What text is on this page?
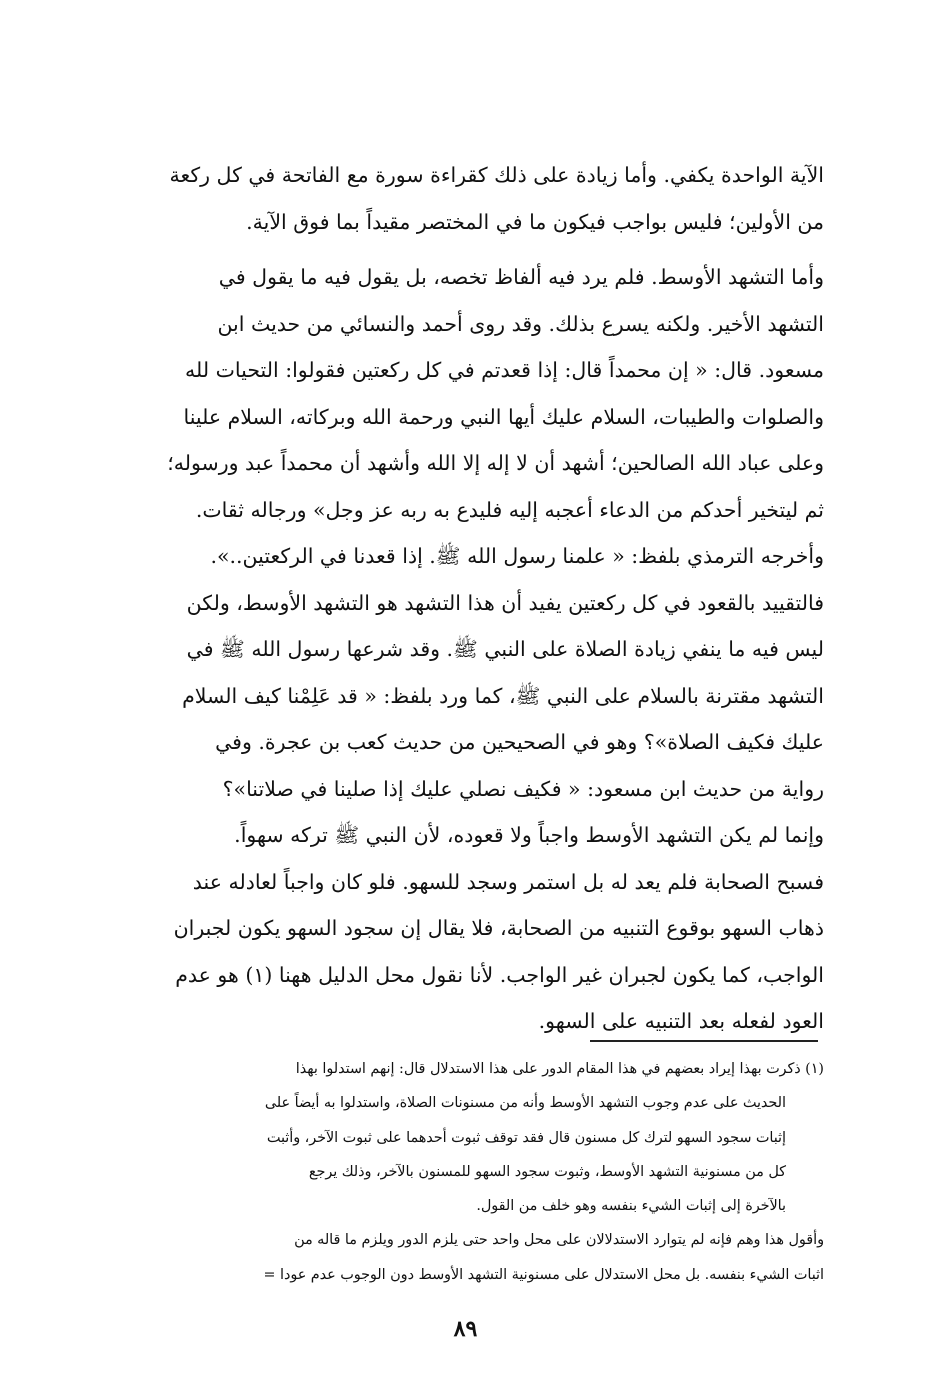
الآية الواحدة يكفي. وأما زيادة على ذلك كقراءة سورة مع الفاتحة في كل ركعة
من الأولين؛ فليس بواجب فيكون ما في المختصر مقيداً بما فوق الآية.
وأما التشهد الأوسط. فلم يرد فيه ألفاظ تخصه، بل يقول فيه ما يقول في
التشهد الأخير. ولكنه يسرع بذلك. وقد روى أحمد والنسائي من حديث ابن
مسعود. قال: « إن محمداً قال: إذا قعدتم في كل ركعتين فقولوا: التحيات لله
والصلوات والطيبات، السلام عليك أيها النبي ورحمة الله وبركاته، السلام علينا
وعلى عباد الله الصالحين؛ أشهد أن لا إله إلا الله وأشهد أن محمداً عبد ورسوله؛
ثم ليتخير أحدكم من الدعاء أعجبه إليه فليدع به ربه عز وجل» ورجاله ثقات.
وأخرجه الترمذي بلفظ: « علمنا رسول الله ﷺ. إذا قعدنا في الركعتين..».
فالتقييد بالقعود في كل ركعتين يفيد أن هذا التشهد هو التشهد الأوسط، ولكن
ليس فيه ما ينفي زيادة الصلاة على النبي ﷺ. وقد شرعها رسول الله ﷺ في
التشهد مقترنة بالسلام على النبي ﷺ، كما ورد بلفظ: « قد عَلِمْنا كيف السلام
عليك فكيف الصلاة»؟ وهو في الصحيحين من حديث كعب بن عجرة. وفي
رواية من حديث ابن مسعود: « فكيف نصلي عليك إذا صلينا في صلاتنا»؟
وإنما لم يكن التشهد الأوسط واجباً ولا قعوده، لأن النبي ﷺ تركه سهواً.
فسبح الصحابة فلم يعد له بل استمر وسجد للسهو. فلو كان واجباً لعادله عند
ذهاب السهو بوقوع التنبيه من الصحابة، فلا يقال إن سجود السهو يكون لجبران
الواجب، كما يكون لجبران غير الواجب. لأنا نقول محل الدليل ههنا (١) هو عدم
العود لفعله بعد التنبيه على السهو.
(١) ذكرت بهذا إيراد بعضهم في هذا المقام الدور على هذا الاستدلال قال: إنهم استدلوا بهذا
الحديث على عدم وجوب التشهد الأوسط وأنه من مسنونات الصلاة، واستدلوا به أيضاً على
إثبات سجود السهو لترك كل مسنون قال فقد توقف ثبوت أحدهما على ثبوت الآخر، وأثبت
كل من مسنونية التشهد الأوسط، وثبوت سجود السهو للمسنون بالآخر، وذلك يرجع
بالآخرة إلى إثبات الشيء بنفسه وهو خلف من القول.
وأقول هذا وهم فإنه لم يتوارد الاستدلالان على محل واحد حتى يلزم الدور ويلزم ما قاله من
اثبات الشيء بنفسه. بل محل الاستدلال على مسنونية التشهد الأوسط دون الوجوب عدم عودا =
٨٩
